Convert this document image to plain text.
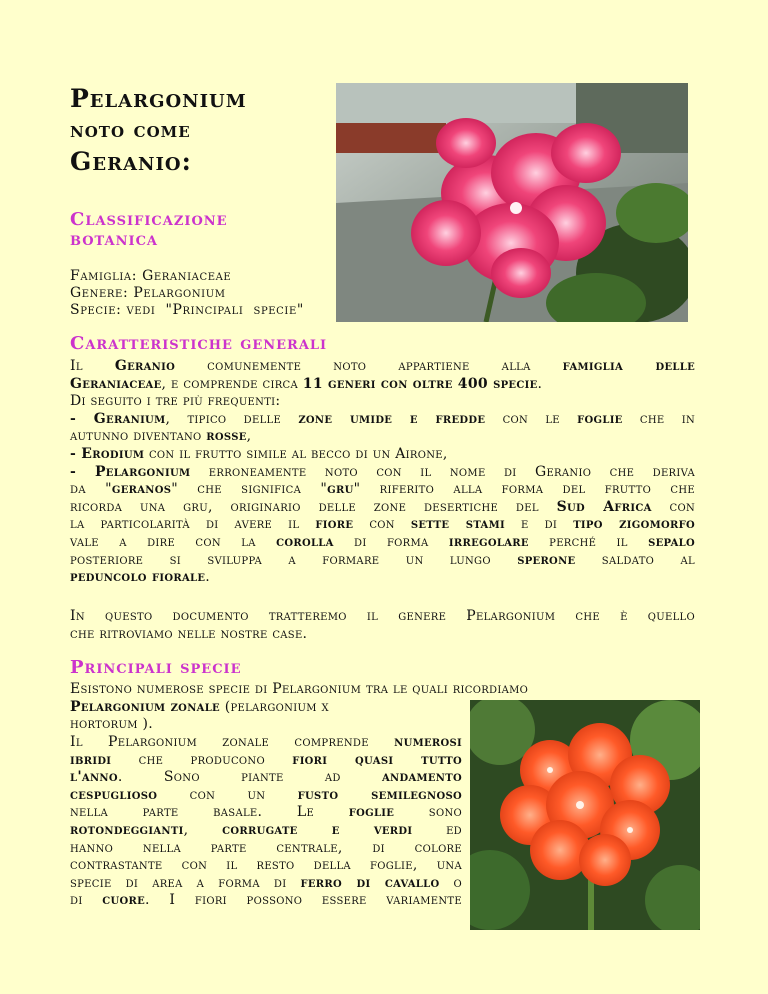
Pelargonium
noto come
Geranio:
Classificazione
botanica
Famiglia: Geraniaceae
Genere: Pelargonium
Specie: vedi  "Principali  specie"
Caratteristiche generali
Il Geranio comunemente noto appartiene alla famiglia delle
Geraniaceae, e comprende circa 11 generi con oltre 400 specie.
Di seguito i tre più frequenti:
- Geranium, tipico delle zone umide e fredde con le foglie che in
autunno diventano rosse,
- Erodium con il frutto simile al becco di un Airone,
- Pelargonium erroneamente noto con il nome di Geranio che deriva
da "geranos" che significa "gru" riferito alla forma del frutto che
ricorda una gru, originario delle zone desertiche del Sud Africa con
la particolarità di avere il fiore con sette stami e di tipo zigomorfo
vale a dire con la corolla di forma irregolare perché il sepalo
posteriore si sviluppa a formare un lungo sperone saldato al
peduncolo fiorale.
In questo documento tratteremo il genere Pelargonium che è quello
che ritroviamo nelle nostre case.
Principali specie
Esistono numerose specie di Pelargonium tra le quali ricordiamo
Pelargonium zonale (pelargonium x
hortorum ).
Il Pelargonium zonale comprende numerosi
ibridi che producono fiori quasi tutto
l'anno. Sono piante ad andamento
cespuglioso con un fusto semilegnoso
nella parte basale. Le foglie sono
rotondeggianti, corrugate e verdi ed
hanno nella parte centrale, di colore
contrastante con il resto della foglie, una
specie di area a forma di ferro di cavallo o
di cuore. I fiori possono essere variamente
